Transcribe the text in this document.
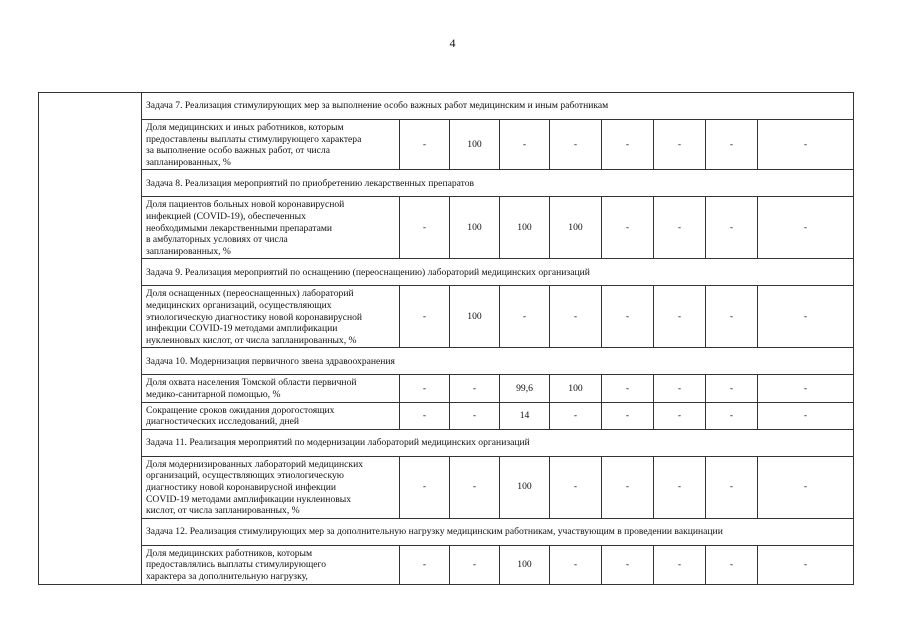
4
	Задача 7. Реализация стимулирующих мер за выполнение особо важных работ медицинским и иным работникам								

	Доля медицинских и иных работников, которым
предоставлены выплаты стимулирующего характера
за выполнение особо важных работ, от числа
запланированных, %	-	100	-	-	-	-	-	-
	Задача 8. Реализация мероприятий по приобретению лекарственных препаратов								

	Доля пациентов больных новой коронавирусной
инфекцией (COVID-19), обеспеченных
необходимыми лекарственными препаратами
в амбулаторных условиях от числа
запланированных, %	-	100	100	100	-	-	-	-
	Задача 9. Реализация мероприятий по оснащению (переоснащению) лабораторий медицинских организаций								

	Доля оснащенных (переоснащенных) лабораторий
медицинских организаций, осуществляющих
этиологическую диагностику новой коронавирусной
инфекции COVID-19 методами амплификации
нуклеиновых кислот, от числа запланированных, %	-	100	-	-	-	-	-	-
	Задача 10. Модернизация первичного звена здравоохранения								

	Доля охвата населения Томской области первичной
медико-санитарной помощью, %	-	-	99,6	100	-	-	-	-

	Сокращение сроков ожидания дорогостоящих
диагностических исследований, дней	-	-	14	-	-	-	-	-
	Задача 11. Реализация мероприятий по модернизации лабораторий медицинских организаций								

	Доля модернизированных лабораторий медицинских
организаций, осуществляющих этиологическую
диагностику новой коронавирусной инфекции
COVID-19 методами амплификации нуклеиновых
кислот, от числа запланированных, %	-	-	100	-	-	-	-	-
	Задача 12. Реализация стимулирующих мер за дополнительную нагрузку медицинским работникам, участвующим в проведении вакцинации								

	Доля медицинских работников, которым
предоставлялись выплаты стимулирующего
характера за дополнительную нагрузку,	-	-	100	-	-	-	-	-
